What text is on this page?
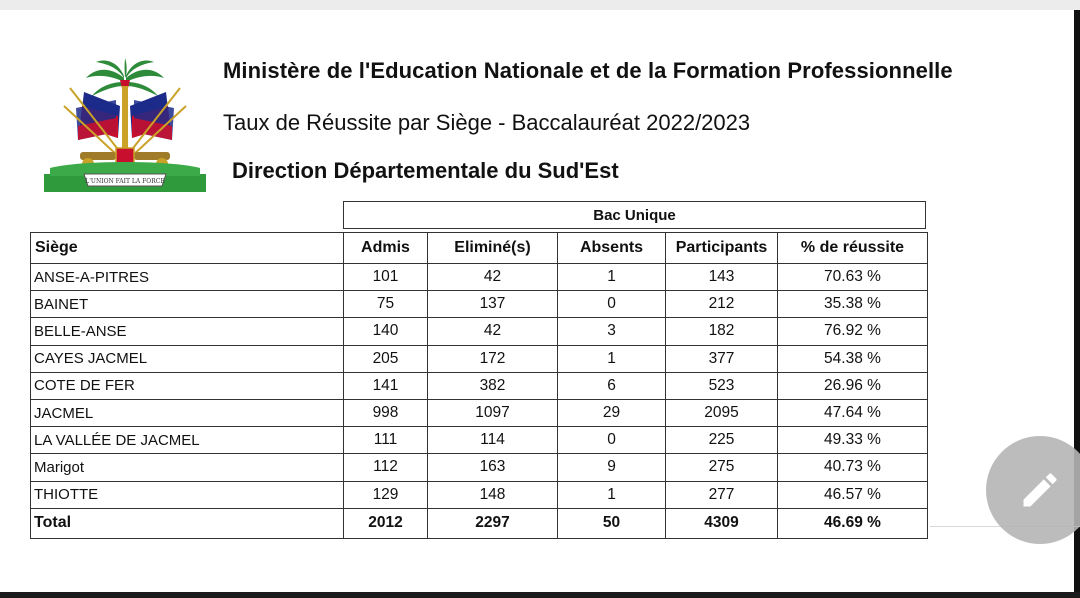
L'UNION FAIT LA FORCE
Ministère de l'Education Nationale et de la Formation Professionnelle
Taux de Réussite par Siège - Baccalauréat 2022/2023
Direction Départementale du Sud'Est
Bac Unique
Siège	Admis	Eliminé(s)	Absents	Participants	% de réussite
ANSE-A-PITRES	101	42	1	143	70.63 %
BAINET	75	137	0	212	35.38 %
BELLE-ANSE	140	42	3	182	76.92 %
CAYES JACMEL	205	172	1	377	54.38 %
COTE DE FER	141	382	6	523	26.96 %
JACMEL	998	1097	29	2095	47.64 %
LA VALLÉE DE JACMEL	111	114	0	225	49.33 %
Marigot	112	163	9	275	40.73 %
THIOTTE	129	148	1	277	46.57 %
Total	2012	2297	50	4309	46.69 %
